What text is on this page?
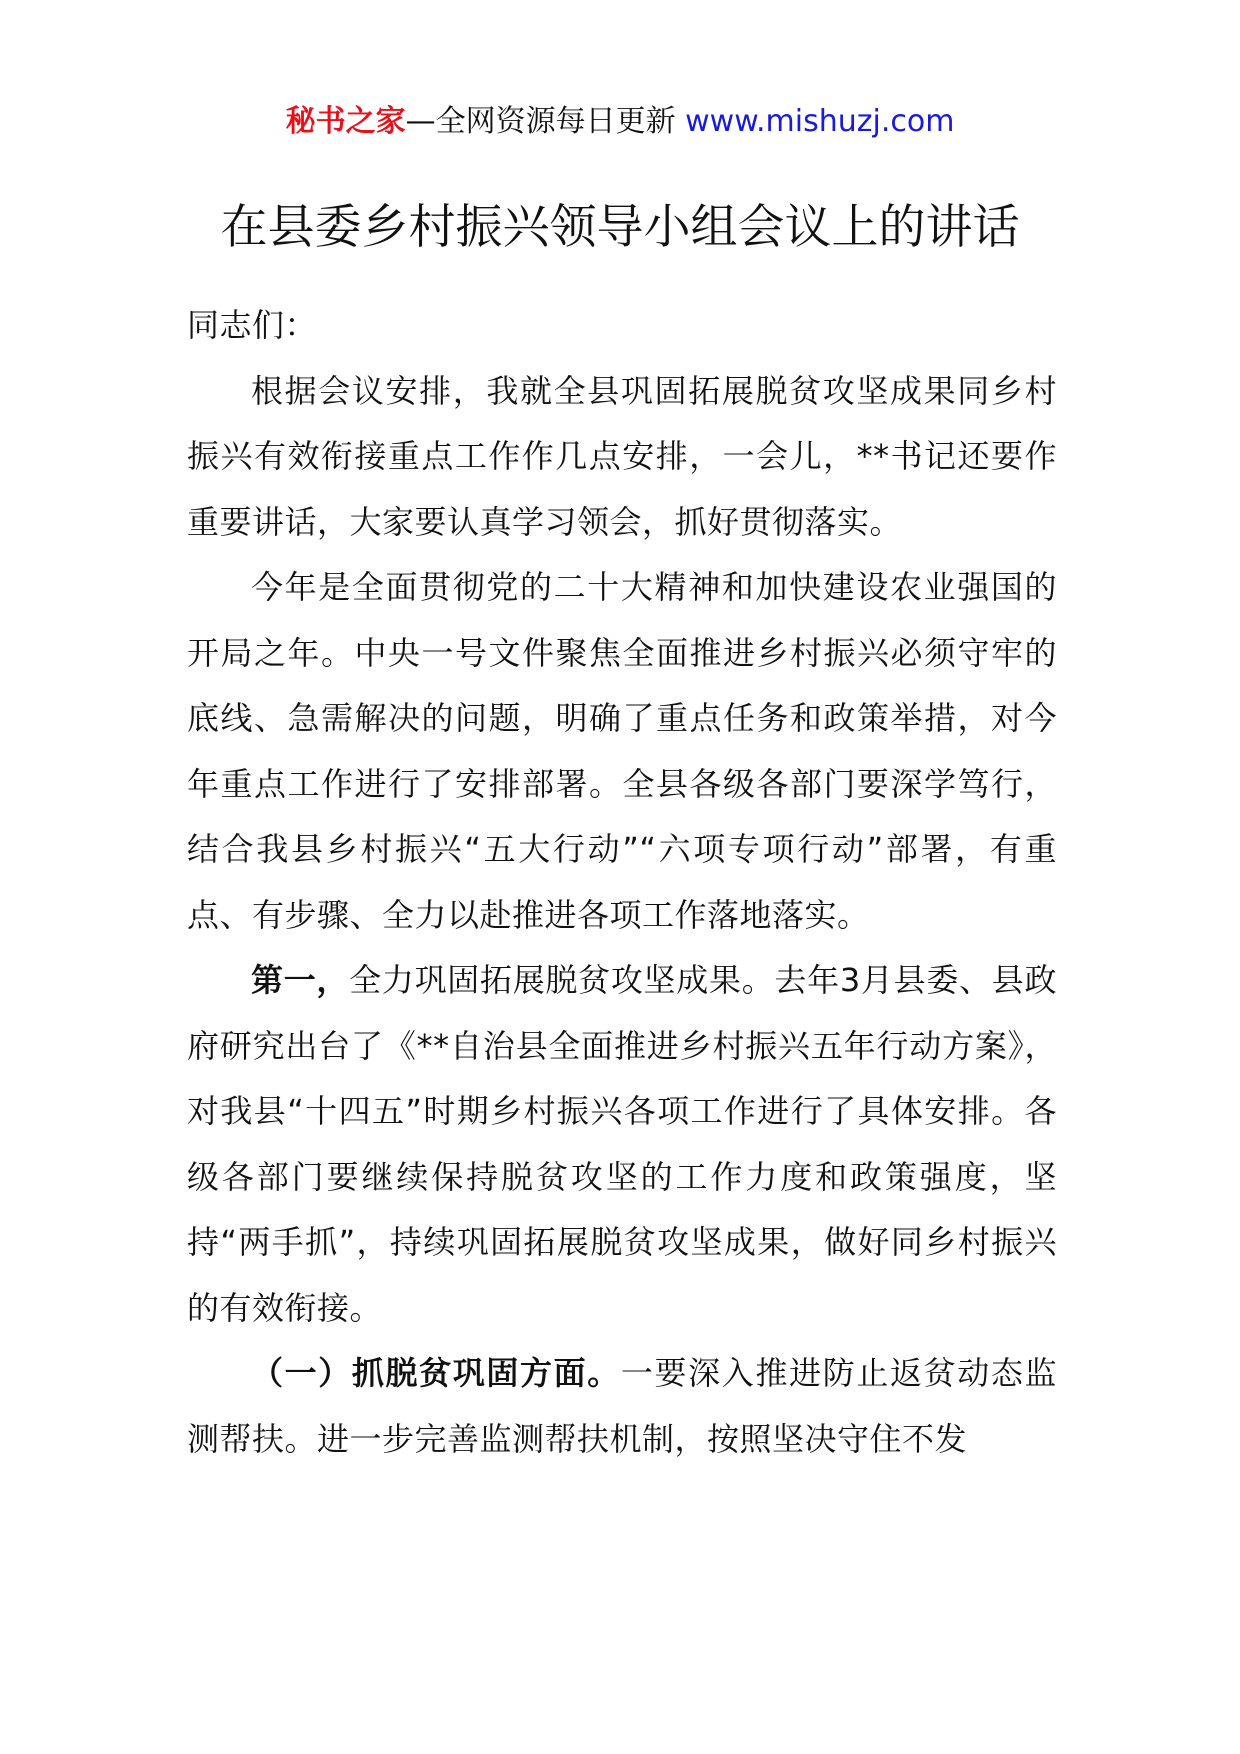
秘书之家—全网资源每日更新 www.mishuzj.com
在县委乡村振兴领导小组会议上的讲话

同志们：

根据会议安排，我就全县巩固拓展脱贫攻坚成果同乡村振兴有效衔接重点工作作几点安排，一会儿，**书记还要作重要讲话，大家要认真学习领会，抓好贯彻落实。

今年是全面贯彻党的二十大精神和加快建设农业强国的开局之年。中央一号文件聚焦全面推进乡村振兴必须守牢的底线、急需解决的问题，明确了重点任务和政策举措，对今年重点工作进行了安排部署。全县各级各部门要深学笃行，结合我县乡村振兴“五大行动”“六项专项行动”部署，有重点、有步骤、全力以赴推进各项工作落地落实。

第一，全力巩固拓展脱贫攻坚成果。去年3月县委、县政府研究出台了《**自治县全面推进乡村振兴五年行动方案》，对我县“十四五”时期乡村振兴各项工作进行了具体安排。各级各部门要继续保持脱贫攻坚的工作力度和政策强度，坚持“两手抓”，持续巩固拓展脱贫攻坚成果，做好同乡村振兴的有效衔接。

（一）抓脱贫巩固方面。一要深入推进防止返贫动态监测帮扶。进一步完善监测帮扶机制，按照坚决守住不发
